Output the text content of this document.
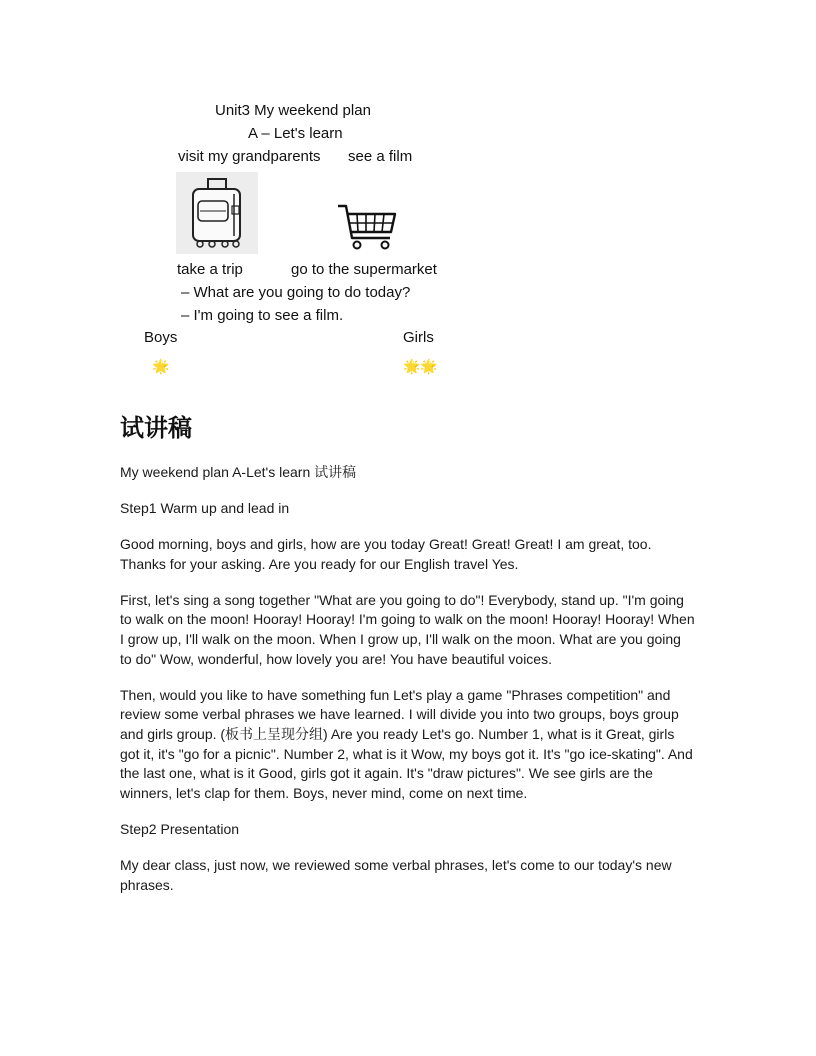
Unit3 My weekend plan
A – Let's learn
visit my grandparents see a film
take a trip	go to the supermarket
– What are you going to do today?
– I'm going to see a film.
Boys	Girls
🌟	🌟🌟
试讲稿

My weekend plan A-Let's learn 试讲稿

Step1 Warm up and lead in

Good morning, boys and girls, how are you today Great! Great! Great! I am great, too. Thanks for your asking. Are you ready for our English travel Yes.

First, let's sing a song together "What are you going to do"! Everybody, stand up. "I'm going to walk on the moon! Hooray! Hooray! I'm going to walk on the moon! Hooray! Hooray! When I grow up, I'll walk on the moon. When I grow up, I'll walk on the moon. What are you going to do" Wow, wonderful, how lovely you are! You have beautiful voices.

Then, would you like to have something fun Let's play a game "Phrases competition" and review some verbal phrases we have learned. I will divide you into two groups, boys group and girls group. (板书上呈现分组) Are you ready Let's go. Number 1, what is it Great, girls got it, it's "go for a picnic". Number 2, what is it Wow, my boys got it. It's "go ice-skating". And the last one, what is it Good, girls got it again. It's "draw pictures". We see girls are the winners, let's clap for them. Boys, never mind, come on next time.

Step2 Presentation

My dear class, just now, we reviewed some verbal phrases, let's come to our today's new phrases.
